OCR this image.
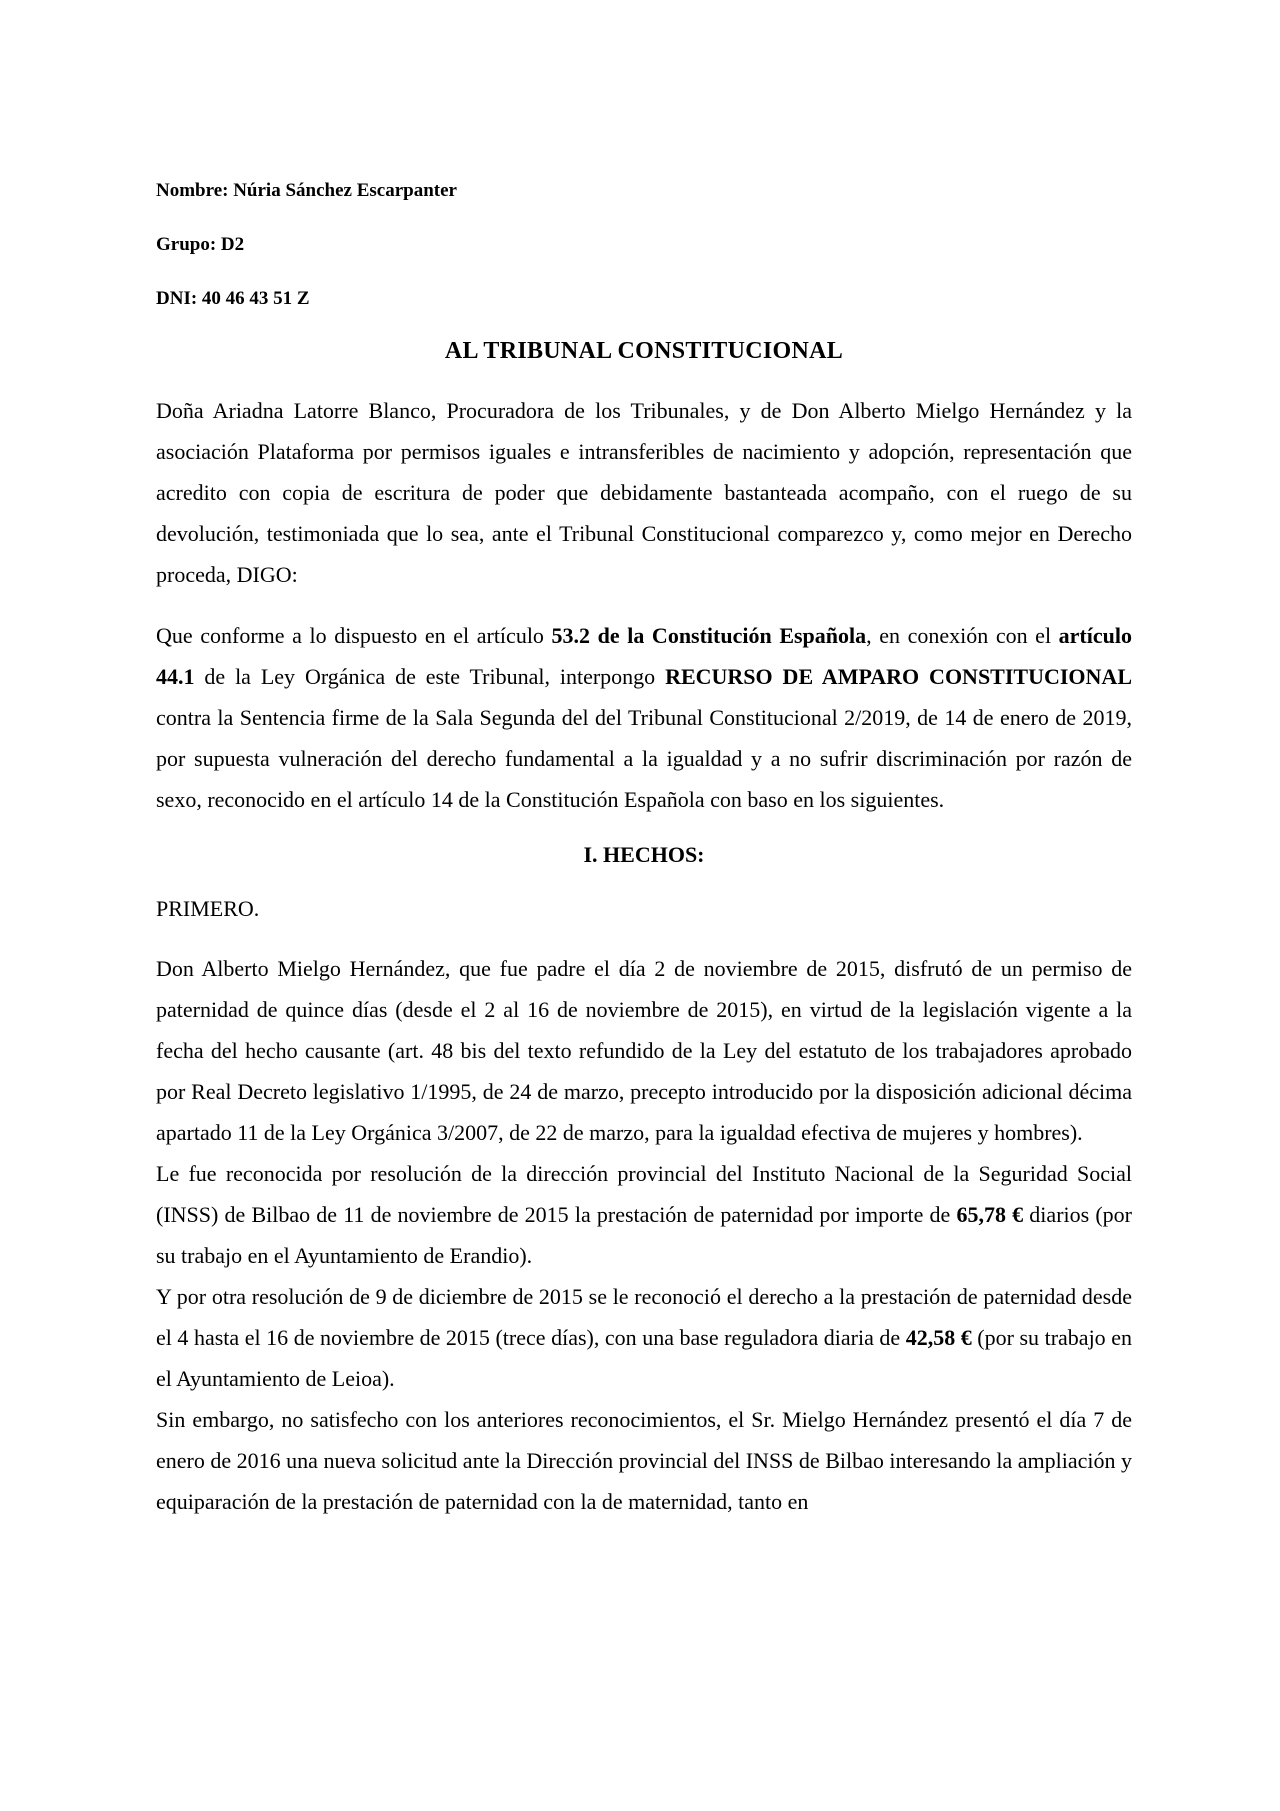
Nombre: Núria Sánchez Escarpanter
Grupo: D2
DNI: 40 46 43 51 Z
AL TRIBUNAL CONSTITUCIONAL

Doña Ariadna Latorre Blanco, Procuradora de los Tribunales, y de Don Alberto Mielgo Hernández y la asociación Plataforma por permisos iguales e intransferibles de nacimiento y adopción, representación que acredito con copia de escritura de poder que debidamente bastanteada acompaño, con el ruego de su devolución, testimoniada que lo sea, ante el Tribunal Constitucional comparezco y, como mejor en Derecho proceda, DIGO:

Que conforme a lo dispuesto en el artículo 53.2 de la Constitución Española, en conexión con el artículo 44.1 de la Ley Orgánica de este Tribunal, interpongo RECURSO DE AMPARO CONSTITUCIONAL contra la Sentencia firme de la Sala Segunda del del Tribunal Constitucional 2/2019, de 14 de enero de 2019, por supuesta vulneración del derecho fundamental a la igualdad y a no sufrir discriminación por razón de sexo, reconocido en el artículo 14 de la Constitución Española con baso en los siguientes.

I. HECHOS:
PRIMERO.

Don Alberto Mielgo Hernández, que fue padre el día 2 de noviembre de 2015, disfrutó de un permiso de paternidad de quince días (desde el 2 al 16 de noviembre de 2015), en virtud de la legislación vigente a la fecha del hecho causante (art. 48 bis del texto refundido de la Ley del estatuto de los trabajadores aprobado por Real Decreto legislativo 1/1995, de 24 de marzo, precepto introducido por la disposición adicional décima apartado 11 de la Ley Orgánica 3/2007, de 22 de marzo, para la igualdad efectiva de mujeres y hombres).

Le fue reconocida por resolución de la dirección provincial del Instituto Nacional de la Seguridad Social (INSS) de Bilbao de 11 de noviembre de 2015 la prestación de paternidad por importe de 65,78 € diarios (por su trabajo en el Ayuntamiento de Erandio).

Y por otra resolución de 9 de diciembre de 2015 se le reconoció el derecho a la prestación de paternidad desde el 4 hasta el 16 de noviembre de 2015 (trece días), con una base reguladora diaria de 42,58 € (por su trabajo en el Ayuntamiento de Leioa).

Sin embargo, no satisfecho con los anteriores reconocimientos, el Sr. Mielgo Hernández presentó el día 7 de enero de 2016 una nueva solicitud ante la Dirección provincial del INSS de Bilbao interesando la ampliación y equiparación de la prestación de paternidad con la de maternidad, tanto en
